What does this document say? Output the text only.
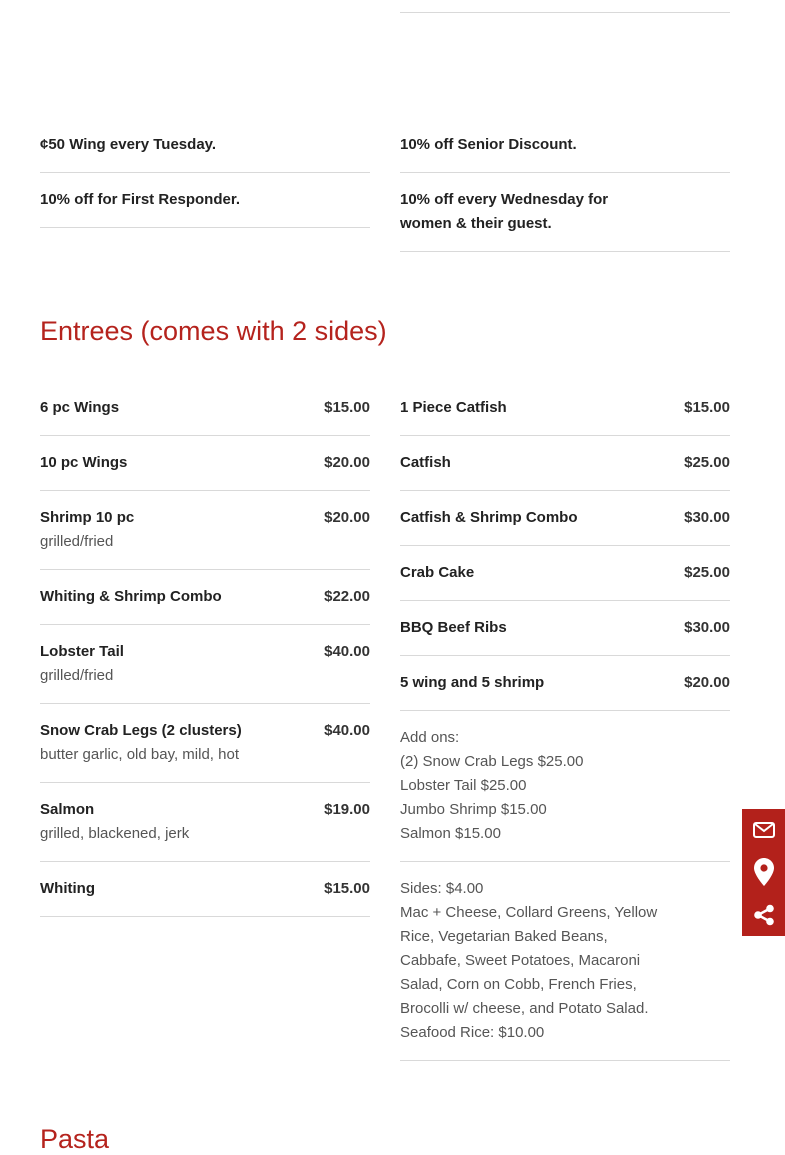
¢50 Wing every Tuesday.
10% off for First Responder.
10% off Senior Discount.
10% off every Wednesday for
women & their guest.
Entrees (comes with 2 sides)
6 pc Wings	$15.00
10 pc Wings	$20.00
Shrimp 10 pc	$20.00
grilled/fried
Whiting & Shrimp Combo	$22.00
Lobster Tail	$40.00
grilled/fried
Snow Crab Legs (2 clusters)	$40.00
butter garlic, old bay, mild, hot
Salmon	$19.00
grilled, blackened, jerk
Whiting	$15.00
1 Piece Catfish	$15.00
Catfish	$25.00
Catfish & Shrimp Combo	$30.00
Crab Cake	$25.00
BBQ Beef Ribs	$30.00
5 wing and 5 shrimp	$20.00
Add ons:
(2) Snow Crab Legs $25.00
Lobster Tail $25.00
Jumbo Shrimp $15.00
Salmon $15.00
Sides: $4.00
Mac + Cheese, Collard Greens, Yellow
Rice, Vegetarian Baked Beans,
Cabbafe, Sweet Potatoes, Macaroni
Salad, Corn on Cobb, French Fries,
Brocolli w/ cheese, and Potato Salad.
Seafood Rice: $10.00
Pasta
